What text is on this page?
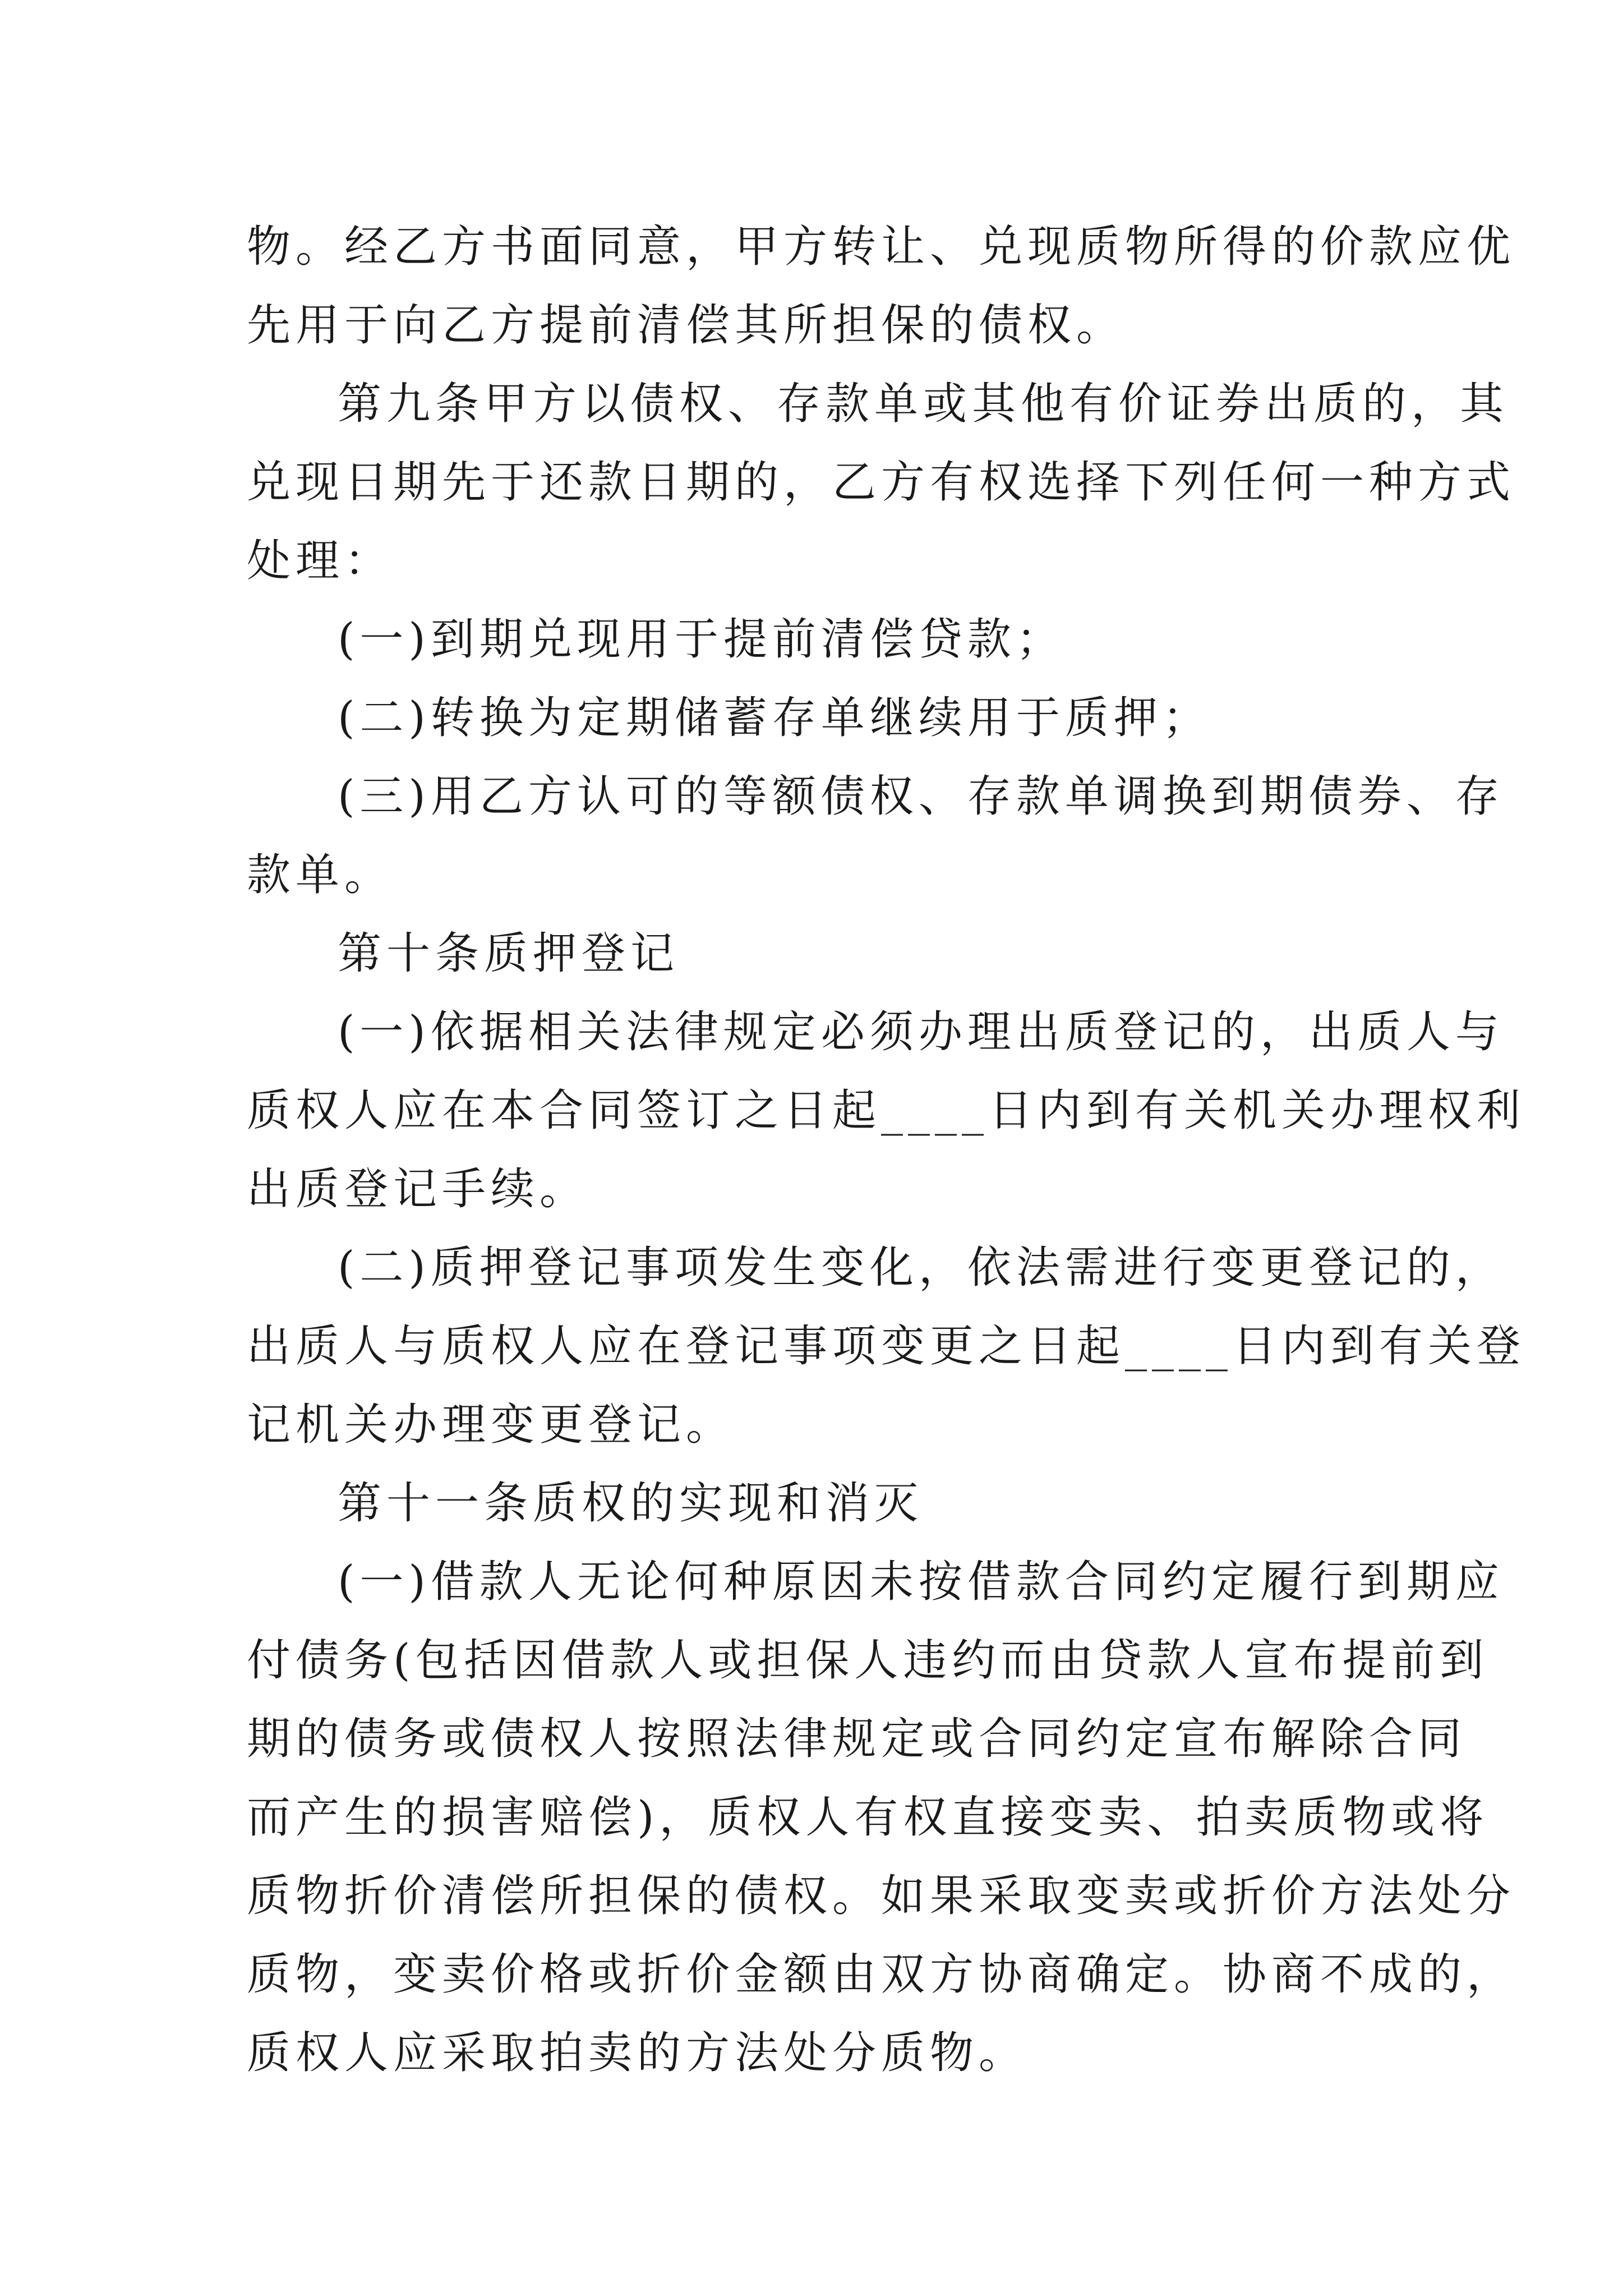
物。经乙方书面同意，甲方转让、兑现质物所得的价款应优
先用于向乙方提前清偿其所担保的债权。
第九条甲方以债权、存款单或其他有价证券出质的，其
兑现日期先于还款日期的，乙方有权选择下列任何一种方式
处理：
(一)到期兑现用于提前清偿贷款；
(二)转换为定期储蓄存单继续用于质押；
(三)用乙方认可的等额债权、存款单调换到期债券、存
款单。
第十条质押登记
(一)依据相关法律规定必须办理出质登记的，出质人与
质权人应在本合同签订之日起____日内到有关机关办理权利
出质登记手续。
(二)质押登记事项发生变化，依法需进行变更登记的，
出质人与质权人应在登记事项变更之日起____日内到有关登
记机关办理变更登记。
第十一条质权的实现和消灭
(一)借款人无论何种原因未按借款合同约定履行到期应
付债务(包括因借款人或担保人违约而由贷款人宣布提前到
期的债务或债权人按照法律规定或合同约定宣布解除合同
而产生的损害赔偿)，质权人有权直接变卖、拍卖质物或将
质物折价清偿所担保的债权。如果采取变卖或折价方法处分
质物，变卖价格或折价金额由双方协商确定。协商不成的，
质权人应采取拍卖的方法处分质物。
